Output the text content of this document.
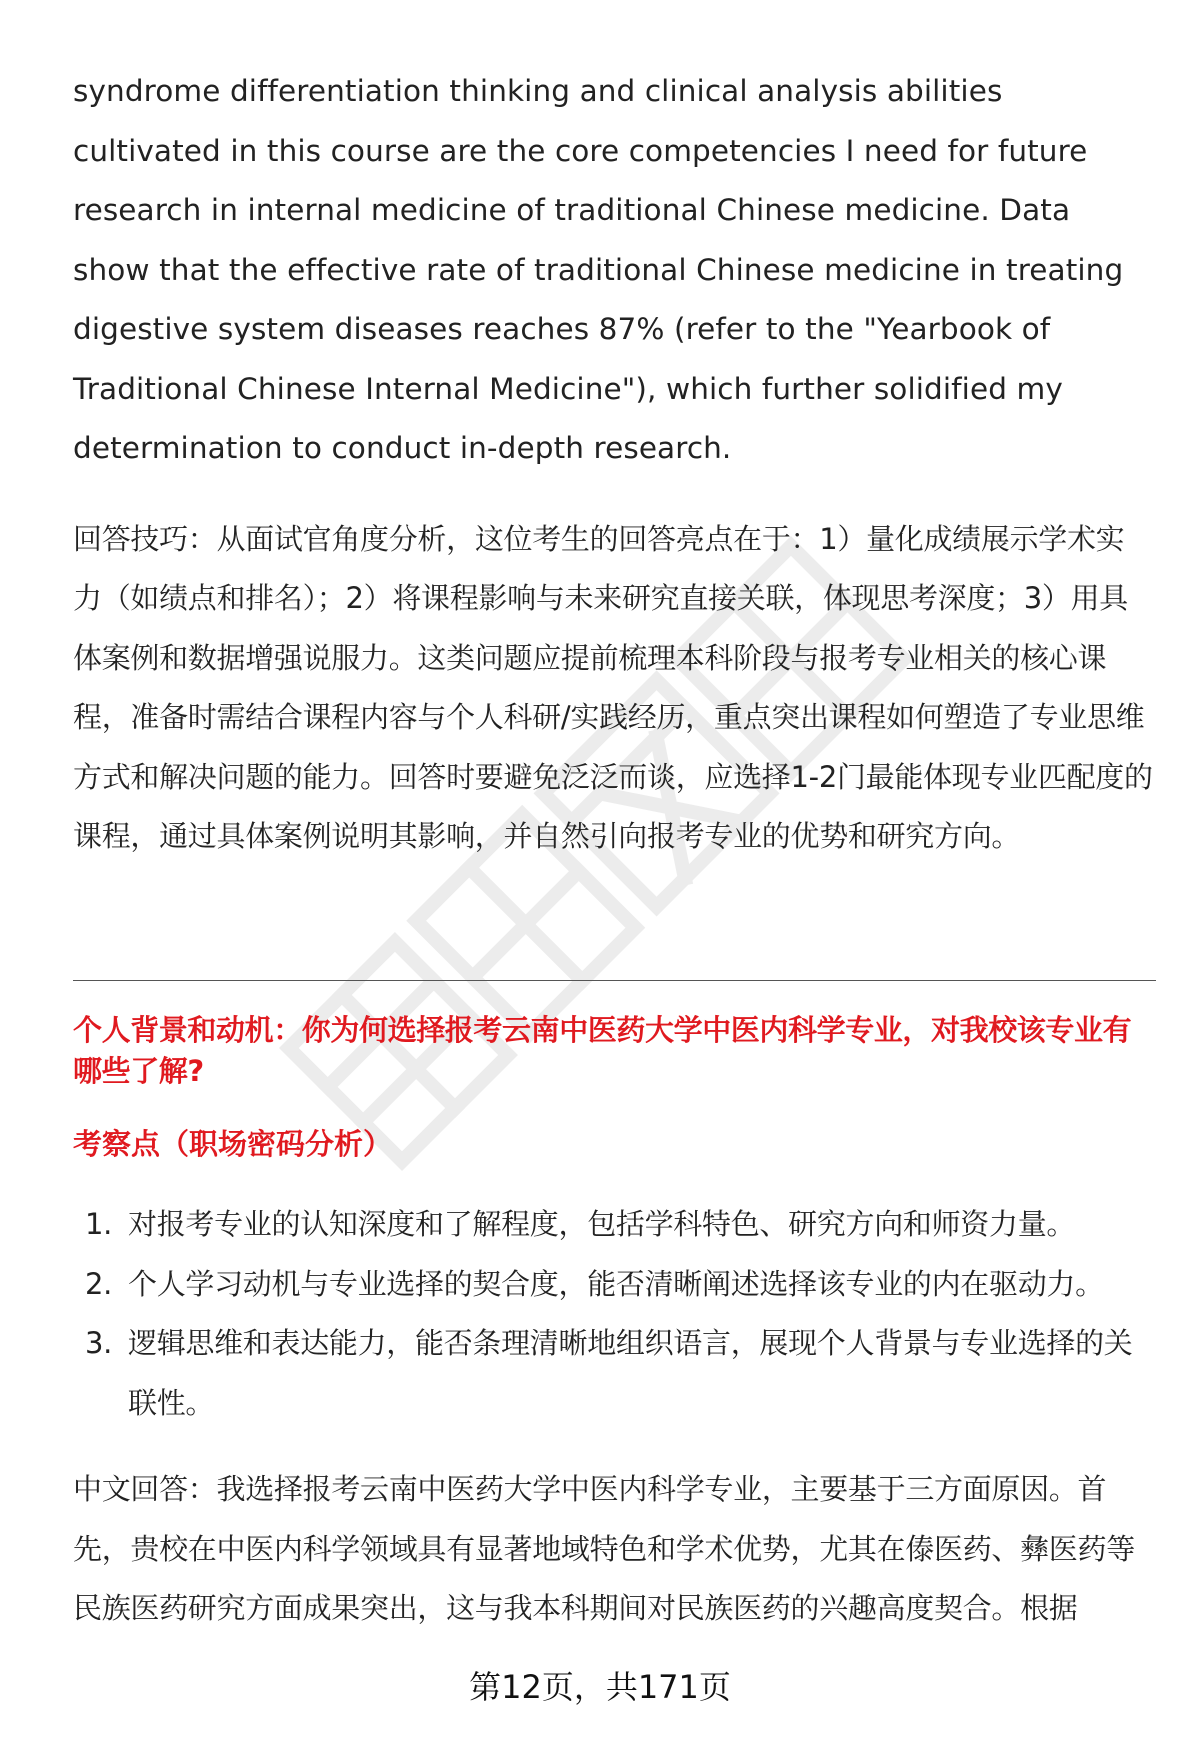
syndrome differentiation thinking and clinical analysis abilities cultivated in this course are the core competencies I need for future research in internal medicine of traditional Chinese medicine. Data show that the effective rate of traditional Chinese medicine in treating digestive system diseases reaches 87% (refer to the "Yearbook of Traditional Chinese Internal Medicine"), which further solidified my determination to conduct in-depth research.

回答技巧：从面试官角度分析，这位考生的回答亮点在于：1）量化成绩展示学术实力（如绩点和排名）；2）将课程影响与未来研究直接关联，体现思考深度；3）用具体案例和数据增强说服力。这类问题应提前梳理本科阶段与报考专业相关的核心课程，准备时需结合课程内容与个人科研/实践经历，重点突出课程如何塑造了专业思维方式和解决问题的能力。回答时要避免泛泛而谈，应选择1-2门最能体现专业匹配度的课程，通过具体案例说明其影响，并自然引向报考专业的优势和研究方向。

个人背景和动机：你为何选择报考云南中医药大学中医内科学专业，对我校该专业有哪些了解?

考察点（职场密码分析）

1. 对报考专业的认知深度和了解程度，包括学科特色、研究方向和师资力量。
2. 个人学习动机与专业选择的契合度，能否清晰阐述选择该专业的内在驱动力。
3. 逻辑思维和表达能力，能否条理清晰地组织语言，展现个人背景与专业选择的关联性。

中文回答：我选择报考云南中医药大学中医内科学专业，主要基于三方面原因。首先，贵校在中医内科学领域具有显著地域特色和学术优势，尤其在傣医药、彝医药等民族医药研究方面成果突出，这与我本科期间对民族医药的兴趣高度契合。根据

第12页，共171页
